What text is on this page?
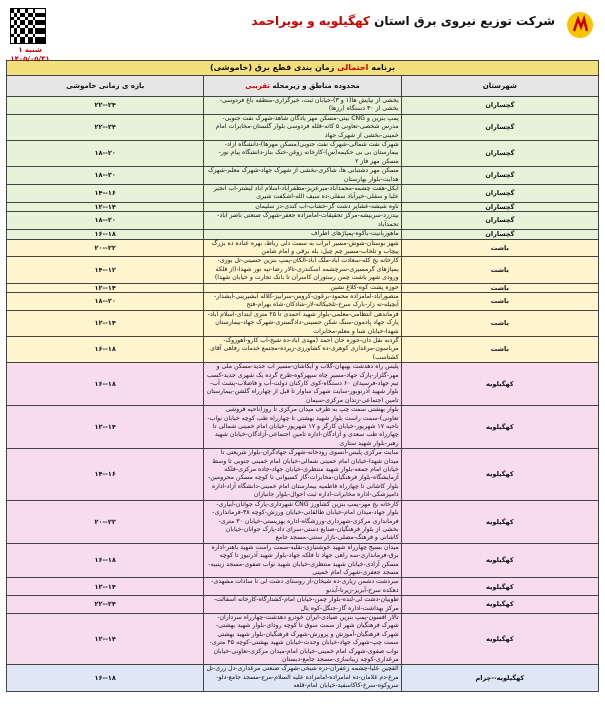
شنبه ۱
۱۴۰۵/۰۵/۳۱
شرکت توزیع نیروی برق استان کهگیلویه و بویراحمد
برنامه احتمالی زمان بندی قطع برق (خاموشی)		
شهرستان	محدوده مناطق و زیرمحله تقریبی	بازه ی زمانی خاموشی
گچساران	بخشی از نیایش ها(۱ و ۳)-خیابان ثبت، خیرگزاری-منطقه باغ فردوسی-بخشی از ۳۰ دستگاه (رزها)	۲۲--۲۴
گچساران	پمپ بنزین و CNG بیتی-مسکن مهر یادگان شاهد-شهرک نفت جنوبی-مدرس شخصی-تعاونی ۵ کانه-قلله فردوسی بلوار گلستان-مخابرات امام خمینی-بخشی از شهرک جهاد	۲۲--۲۴
گچساران	شهرک نفت شمالی-شهرک نفت جنوبی(مسکن مهرها)-دانشگاه آزاد-بیمارستان بی بی حکیمه(س)-کارخانه روغن-خنک بناز-دانشگاه پیام نور-مسکن مهر فاز ۲	۱۸--۲۰
گچساران	مسکن مهر دشتبانی ها، شاکری-بخشی از شهرک جهاد-شهرک معلم-شهرک هدایت-بلوار بهارستان	۱۸--۲۰
گچساران	آبکل-هفت چشمه-محمدآباد-میرعزیز-مظفرآباد-اسلام آباد لیشتر-آب انجیر علیا و سفلی-خیرآباد سفلی-ده سیف الله-اشکفت شیری	۱۴--۱۶
گچساران	ناوه شیشه-عشایر دشت گز-خشاب-آب کندی-دز سلیمان	۱۲--۱۴
گچساران	بیدزرد-سربیشه-مرکز تحقیقات-امامزاده جعفر-شهرک صنعتی ناصر آباد-تحمدآباد	۱۸--۲۰
گچساران	ماهوربانیت-باکوه-پمپاژهای اطراف	۱۶--۱۸
باشت	شهر بوستان-شوش-مسیر ابراب به سمت دلی رباط، بهره عناده ده بزرگ پیچاب و تلخاب-مسیر چم چیل، بله برقی و امام شامن	۲۰--۲۲
باشت	کارخانه یخ کله-سعادت آباد-ملک آباد-آلکان-پمپ بنزین حسینی-تل بوزی-پمپاژهای گرمسیری-سرچشمه اسکندری-تالار رضا-تپه نور شهدا-(از فلکه ورودی شهر باشت چمن رستوران کاسران تا بانک تجارت و خیابان شهدا)	۱۴--۱۲
باشت	حوزه پشت کوه-کلاغ نشین	۱۲--۱۴
باشت	منصورآباد-امامزاده محمود-برغون-کروس-سرآبیز-کلاله آبشیرینی-آبشدار-آبچیله-ته زار-بارک سرخ-تلخیکاله-لار-شادکان-شاه بهرام-فتح	۱۸--۲۰
باشت	فرماندهی انتظامی-معلمی-بلوار شهید احمدی تا ۲۵ متری ابتدای-اسلام آباد-پارک جهاد پادمون-سنگ شکن حسینی-دادگستری-شهرک جهاد-بیمارستان شهدا-خیابان شنا و معلم-مخابرات	۱۲--۱۴
باشت	گردنه نقل دان-حوزه خان احمد (مهدی آباد-ده شیخ-آب کارو-آهوروک-مرباسون-مرغداری کوهری-ده کشاورزی-زیرده-مجتمع خدمات رفاهی آقای کشتاسب)	۱۶--۱۸
کهگیلویه	پلیس راه دهدشت بهبهان-گلاب و آبکاشان-مسیر آب حدید-مسکن ملی و مهر-گلزار-پارک جهاد-مسیر چاه سپهرکوه-طرح گرده یک شهری جدید-کسب تیم جهاد-فرسیدان ۶۰ دستگاه-کوی کارکنان دولت-آب و فاضلاب-پشت آب-بلوار شهید آذرنوبور-سایت شهرک ساوار تا قبل از چهارراه گلشن-بیمارستان تامین اجتماعی-زندان مرکزی-سیمان	۱۶--۱۸
کهگیلویه	بلوار بهشتی سمت چپ به طرف میدان مرکزی تا روز(ناحیه فروشی تعاونی)-سمت راست بلوار شهید بهشتی تا چهارراه طب کوچه خیابان نواب-ناحیه ۱۷ شهریور-خیابان کارگر و ۱۷ شهریور-خیابان امام خمینی شمالی تا چهارراه طب سعدی و آزادگان-اداره تامین اجتماعی-آزادگان-خیابان شهید رهبر-بلوار شهید ستاری	۱۲--۱۴
کهگیلویه	سایت مرکزی پلیس-آنسوی رودخانه-شهرک جهادگران-بلوار شریعتی تا میدان شهدا-خیابان امام خمینی شمالی-خیابان امام خمینی جنوبی تا وسط خیابان امام جمعه-بلوار شهید منتظری-خیابان جهاد-جاده مرکزی-فلکه آزمایشگاه-بلوار فرهنگیان-مخابرات-گاز کسیوانی تا کوچه مسکن محرومین-بلوار کاشانی تا چهارراه فاطمیه بیمارستان امام خمینی-دانشگاه آزاد-اداره دامپزشکی-اداره مخابرات-اداره ثبت احوال-بلوار جانبازان	۱۴--۱۶
کهگیلویه	کارخانه یخ مهر-پمپ بنزین کشاورز CNG شهرداری-پارک جوانان-آبیاری-بلوار جهاد-میدان امام-خیابان طالقانی-خیابان ورزش-کوچه ۳۸-فرمانداری-فرمانداری مرکزی-شهرداری-ورزشگاه-اداره بهزیستی-خیابان ۳۰ متری-بخشی از بلوار فرهنگیان-صنایع دستی-سرای داد-پارک جوانان-خیابان کاشانی و فرهنگ-مصلی-بازار سنتی-مسجد جامع	۲۰--۲۲
کهگیلویه	میدان بسیج چهارراه شهید خوشنیازی-نقلیه-سمت راست شهید باهنر-اداره برق-فرمانداری-سه راهی جهاد تا فلکه جهاد-بلوار شهید آذرنیوز تا کوچه مسکن آزادی-خیابان شهید منتظری-خیابان شهید نواب صفوی-مسجد زینبیه-مسجد جعفری-شهرک امام خمینی	۱۶--۱۸
کهگیلویه	سردشت دشمن زیاری-ده شیخان-از روستای دشت لی تا سادات مشهدی-دهکده سرخ-آبریز-زیرنا-آبدنو	۱۲--۱۴
کهگیلویه	طوبیان-دشت لی-لنده-بلوار چمن-خیابان امام-کشتارگاه-کارخانه آسفالت-مرکز بهداشت-اداره گاز-جنگل-کوه یال	۲۲--۲۴
کهگیلویه	تالار افسون-پمپ بنزین صیادی-ایران خودرو دهدشت-چهارراه سرداران-شهرک فرهنگیان شهر از سمت سوق تا کوچه رودای-بلوار شهید بهشتی-شهرک فرهنگیان-آموزش و پرورش-شهرک فرهنگیان-بلوار شهید بهشتی سمت چپ-شهرک جهاد-خیابان وحدت-خیابان شهید بهشتی-کوچه ۴۵ متری-نواب صفوی-شهرک امام خمینی-خیابان امام-میدان مرکزی-تعاونی-خیابان مرغداری-کوچه زیباسازی-مسجد جامع-دبستان	۱۲--۱۴
کهگیلویه--چرام	القچین علیا-چشمه زعفران-دره شیخی-شهرک صنعتی مرغداری-دل زری-تل مرغ-دم غلامان-ده امامزاده-امامزاده علیه السلام-مرج-مسجد جامع-دلو-سروکوه-سرخ-کاکاسفید-خیابان امام-قلعه	۱۶--۱۸
